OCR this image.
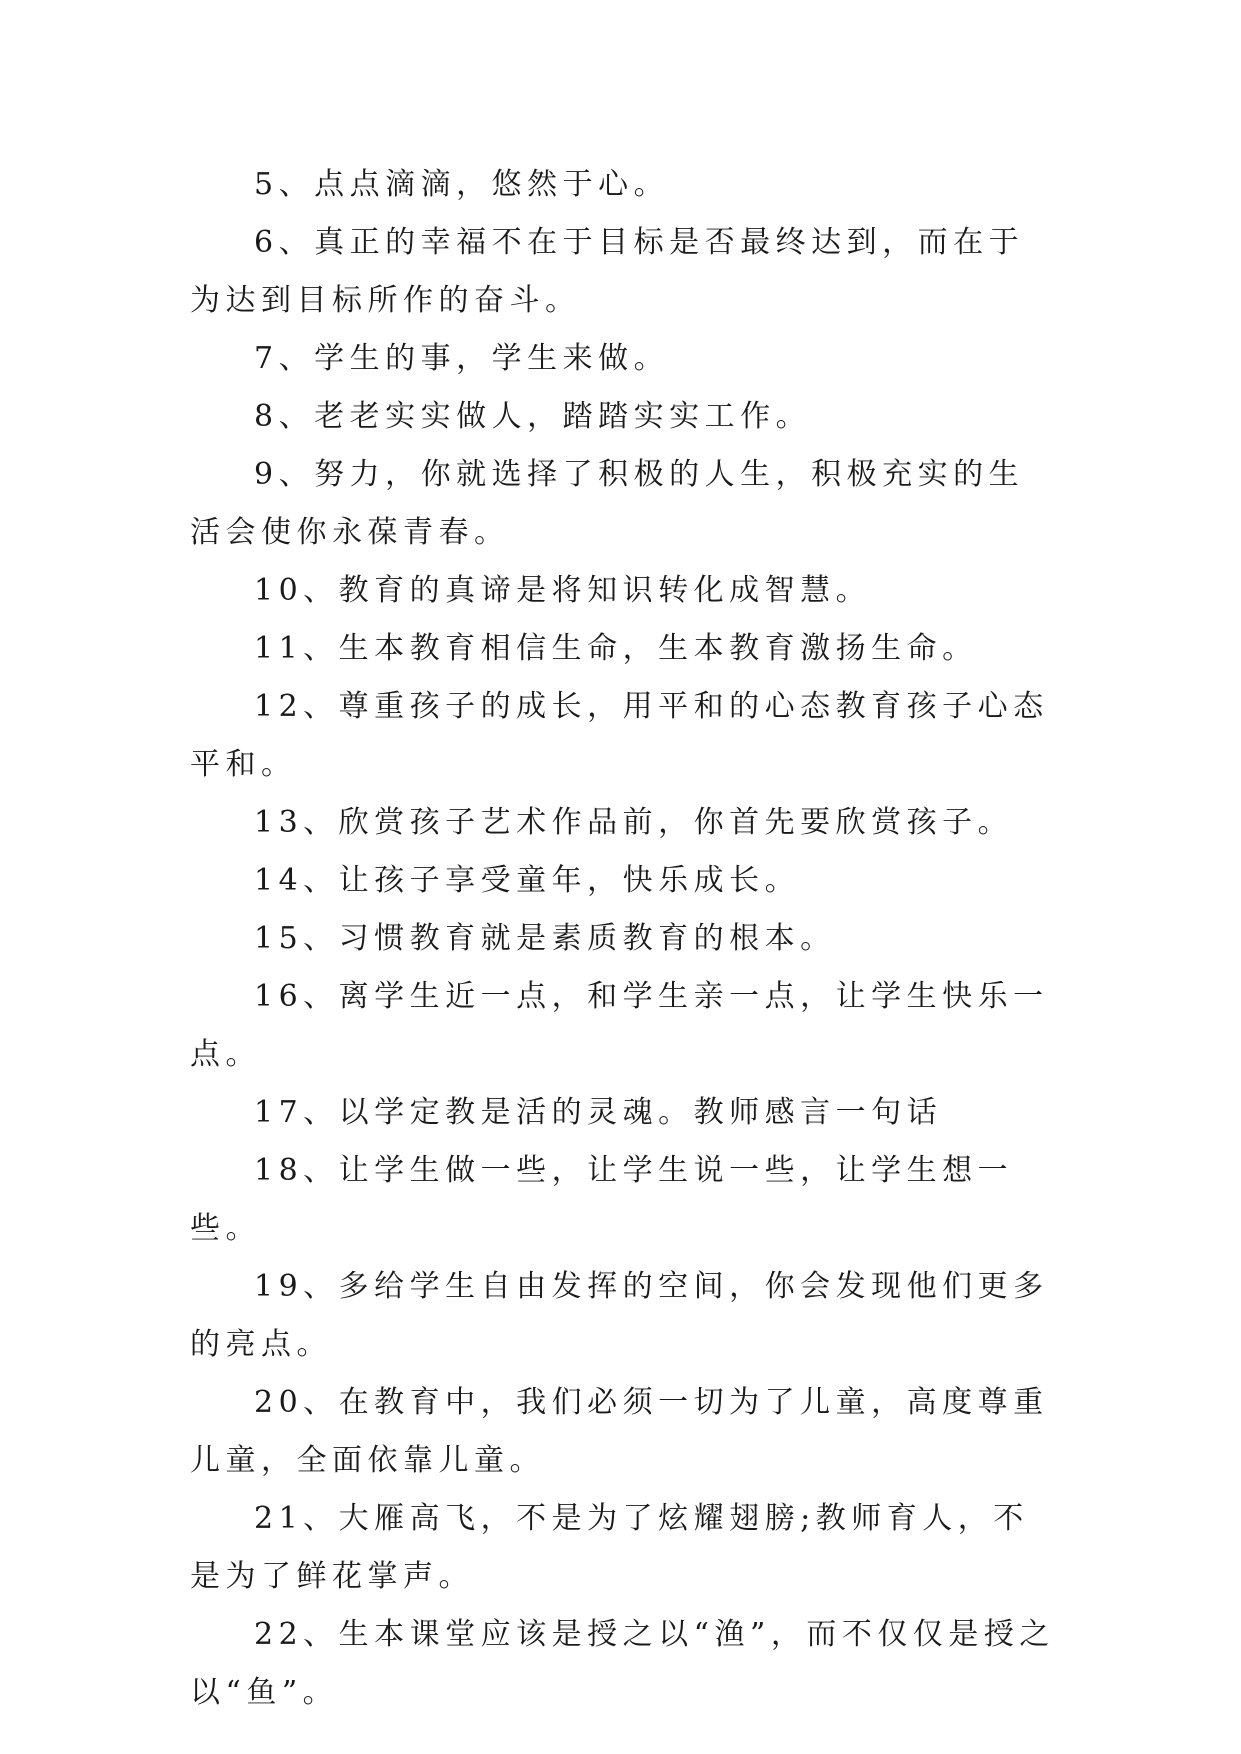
5、点点滴滴，悠然于心。

6、真正的幸福不在于目标是否最终达到，而在于为达到目标所作的奋斗。

7、学生的事，学生来做。

8、老老实实做人，踏踏实实工作。

9、努力，你就选择了积极的人生，积极充实的生活会使你永葆青春。

10、教育的真谛是将知识转化成智慧。

11、生本教育相信生命，生本教育激扬生命。

12、尊重孩子的成长，用平和的心态教育孩子心态平和。

13、欣赏孩子艺术作品前，你首先要欣赏孩子。

14、让孩子享受童年，快乐成长。

15、习惯教育就是素质教育的根本。

16、离学生近一点，和学生亲一点，让学生快乐一点。

17、以学定教是活的灵魂。教师感言一句话

18、让学生做一些，让学生说一些，让学生想一些。

19、多给学生自由发挥的空间，你会发现他们更多的亮点。

20、在教育中，我们必须一切为了儿童，高度尊重儿童，全面依靠儿童。

21、大雁高飞，不是为了炫耀翅膀;教师育人，不是为了鲜花掌声。

22、生本课堂应该是授之以“渔”，而不仅仅是授之以“鱼”。
